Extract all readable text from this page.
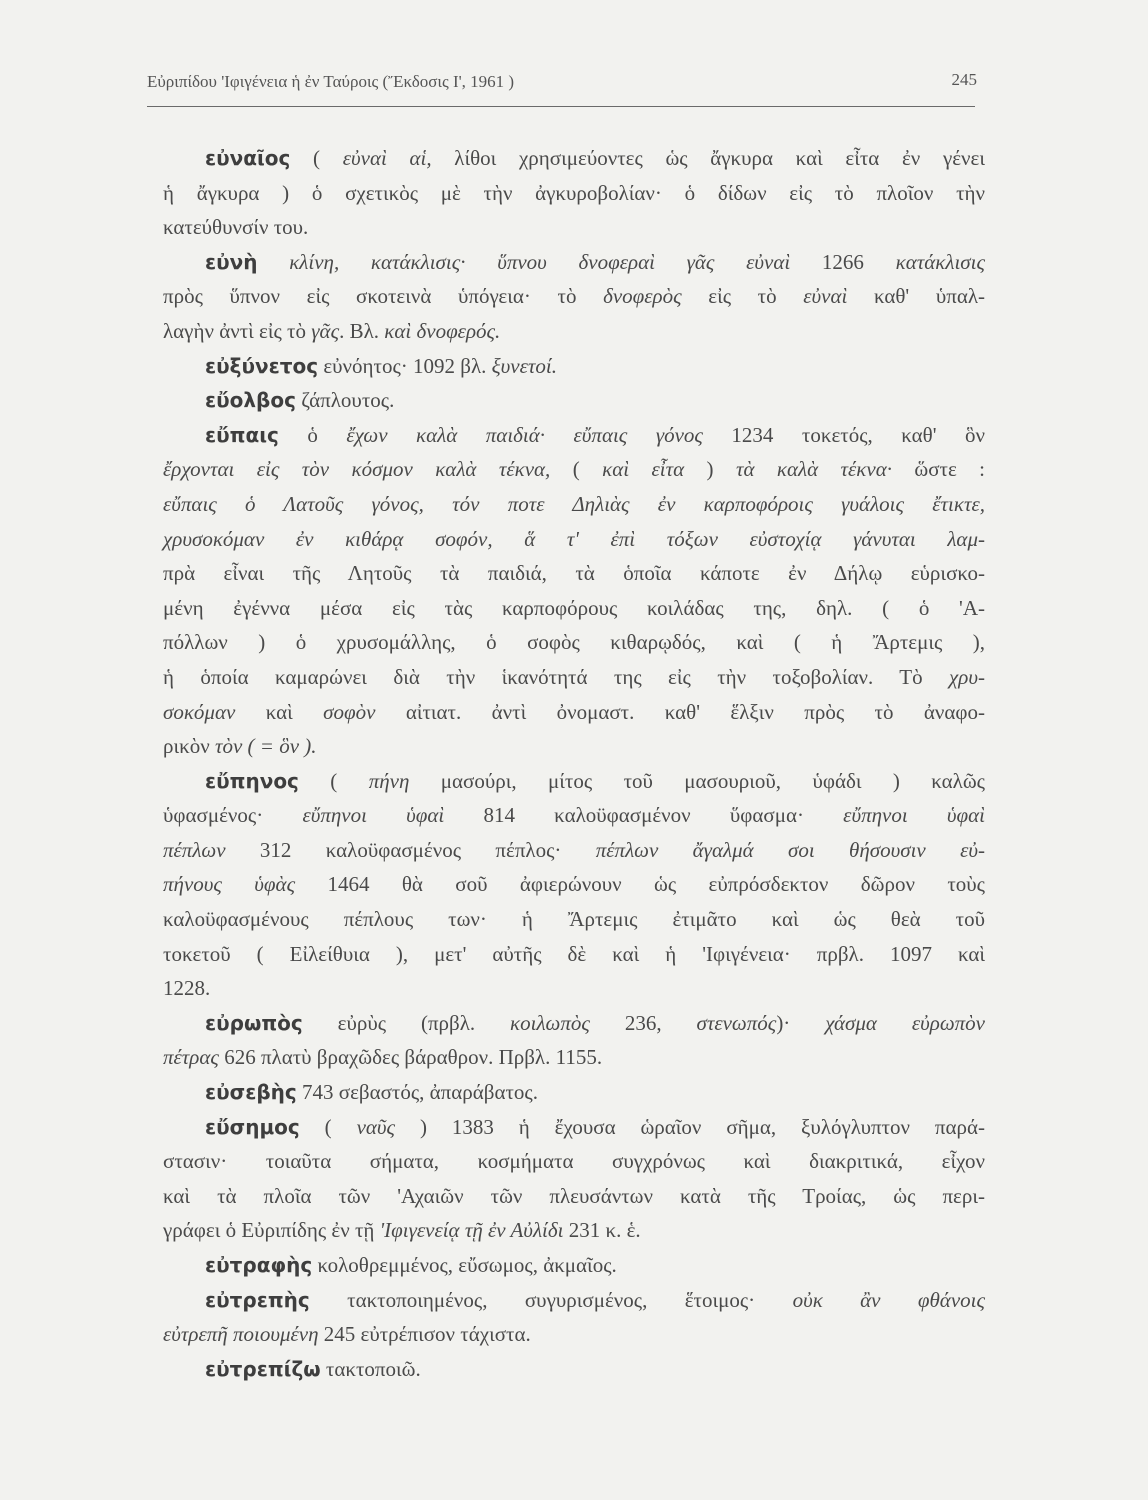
Εὐριπίδου 'Ιφιγένεια ἡ ἐν Ταύροις (Ἔκδοσις Ι', 1961 )	245
εὐναῖος ( εὐναὶ αἱ, λίθοι χρησιμεύοντες ὡς ἄγκυρα καὶ εἶτα ἐν γένει
ἡ ἄγκυρα ) ὁ σχετικὸς μὲ τὴν ἀγκυροβολίαν· ὁ δίδων εἰς τὸ πλοῖον τὴν
κατεύθυνσίν του.
εὐνὴ κλίνη, κατάκλισις· ὕπνου δνοφεραὶ γᾶς εὐναὶ 1266 κατάκλισις
πρὸς ὕπνον εἰς σκοτεινὰ ὑπόγεια· τὸ δνοφερὸς εἰς τὸ εὐναὶ καθ' ὑπαλ-
λαγὴν ἀντὶ εἰς τὸ γᾶς. Βλ. καὶ δνοφερός.
εὐξύνετος εὐνόητος· 1092 βλ. ξυνετοί.
εὔολβος ζάπλουτος.
εὔπαις ὁ ἔχων καλὰ παιδιά· εὔπαις γόνος 1234 τοκετός, καθ' ὃν
ἔρχονται εἰς τὸν κόσμον καλὰ τέκνα, ( καὶ εἶτα ) τὰ καλὰ τέκνα· ὥστε :
εὔπαις ὁ Λατοῦς γόνος, τόν ποτε Δηλιὰς ἐν καρποφόροις γυάλοις ἔτικτε,
χρυσοκόμαν ἐν κιθάρᾳ σοφόν, ἅ τ' ἐπὶ τόξων εὐστοχίᾳ γάνυται λαμ-
πρὰ εἶναι τῆς Λητοῦς τὰ παιδιά, τὰ ὁποῖα κάποτε ἐν Δήλῳ εὑρισκο-
μένη ἐγέννα μέσα εἰς τὰς καρποφόρους κοιλάδας της, δηλ. ( ὁ 'Α-
πόλλων ) ὁ χρυσομάλλης, ὁ σοφὸς κιθαρῳδός, καὶ ( ἡ Ἄρτεμις ),
ἡ ὁποία καμαρώνει διὰ τὴν ἱκανότητά της εἰς τὴν τοξοβολίαν. Τὸ χρυ-
σοκόμαν καὶ σοφὸν αἰτιατ. ἀντὶ ὀνομαστ. καθ' ἕλξιν πρὸς τὸ ἀναφο-
ρικὸν τὸν ( = ὃν ).
εὔπηνος ( πήνη μασούρι, μίτος τοῦ μασουριοῦ, ὑφάδι ) καλῶς
ὑφασμένος· εὔπηνοι ὑφαὶ 814 καλοϋφασμένον ὕφασμα· εὔπηνοι ὑφαὶ
πέπλων 312 καλοϋφασμένος πέπλος· πέπλων ἄγαλμά σοι θήσουσιν εὐ-
πήνους ὑφὰς 1464 θὰ σοῦ ἀφιερώνουν ὡς εὐπρόσδεκτον δῶρον τοὺς
καλοϋφασμένους πέπλους των· ἡ Ἄρτεμις ἐτιμᾶτο καὶ ὡς θεὰ τοῦ
τοκετοῦ ( Εἰλείθυια ), μετ' αὐτῆς δὲ καὶ ἡ 'Ιφιγένεια· πρβλ. 1097 καὶ
1228.
εὐρωπὸς εὐρὺς (πρβλ. κοιλωπὸς 236, στενωπός)· χάσμα εὐρωπὸν
πέτρας 626 πλατὺ βραχῶδες βάραθρον. Πρβλ. 1155.
εὐσεβὴς 743 σεβαστός, ἀπαράβατος.
εὔσημος ( ναῦς ) 1383 ἡ ἔχουσα ὡραῖον σῆμα, ξυλόγλυπτον παρά-
στασιν· τοιαῦτα σήματα, κοσμήματα συγχρόνως καὶ διακριτικά, εἶχον
καὶ τὰ πλοῖα τῶν 'Αχαιῶν τῶν πλευσάντων κατὰ τῆς Τροίας, ὡς περι-
γράφει ὁ Εὐριπίδης ἐν τῇ 'Ιφιγενείᾳ τῇ ἐν Αὐλίδι 231 κ. ἑ.
εὐτραφὴς κολοθρεμμένος, εὔσωμος, ἀκμαῖος.
εὐτρεπὴς τακτοποιημένος, συγυρισμένος, ἕτοιμος· οὐκ ἂν φθάνοις
εὐτρεπῆ ποιουμένη 245 εὐτρέπισον τάχιστα.
εὐτρεπίζω τακτοποιῶ.
